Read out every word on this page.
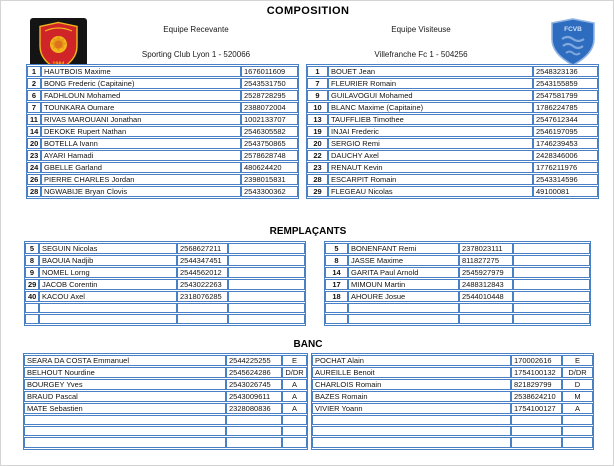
COMPOSITION
FCVB
Equipe Recevante
Sporting Club Lyon 1 - 520066
Equipe Visiteuse
Villefranche Fc 1 - 504256
1	HAUTBOIS Maxime	1676011609
2	BONG Frederic (Capitaine)	2543531750
6	FADHLOUN Mohamed	2528728295
7	TOUNKARA Oumare	2388072004
11	RIVAS MAROUANI Jonathan	1002133707
14	DEKOKE Rupert Nathan	2546305582
20	BOTELLA Ivann	2543750865
23	AYARI Hamadi	2578628748
24	GBELLE Garland	480624420
26	PIERRE CHARLES Jordan	2398015831
28	NGWABIJE Bryan Clovis	2543300362
1	BOUET Jean	2548323136
7	FLEURIER Romain	2543155859
9	GUILAVOGUI Mohamed	2547581799
10	BLANC Maxime (Capitaine)	1786224785
13	TAUFFLIEB Timothee	2547612344
19	INJAI Frederic	2546197095
20	SERGIO Remi	1746239453
22	DAUCHY Axel	2428346006
23	RENAUT Kevin	1776211976
28	ESCARPIT Romain	2543314596
29	FLEGEAU Nicolas	49100081
REMPLAÇANTS
5	SEGUIN Nicolas	2568627211	
8	BAOUIA Nadjib	2544347451	
9	NOMEL Lorng	2544562012	
29	JACOB Corentin	2543022263	
40	KACOU Axel	2318076285	

5	BONENFANT Remi	2378023111	
8	JASSE Maxime	811827275	
14	GARITA Paul Arnold	2545927979	
17	MIMOUN Martin	2488312843	
18	AHOURE Josue	2544010448	

BANC
SEARA DA COSTA Emmanuel	2544225255	E
BELHOUT Nourdine	2545624286	D/DR
BOURGEY Yves	2543026745	A
BRAUD Pascal	2543009611	A
MATE Sebastien	2328080836	A

POCHAT Alain	170002616	E
AUREILLE Benoit	1754100132	D/DR
CHARLOIS Romain	821829799	D
BAZES Romain	2538624210	M
VIVIER Yoann	1754100127	A
